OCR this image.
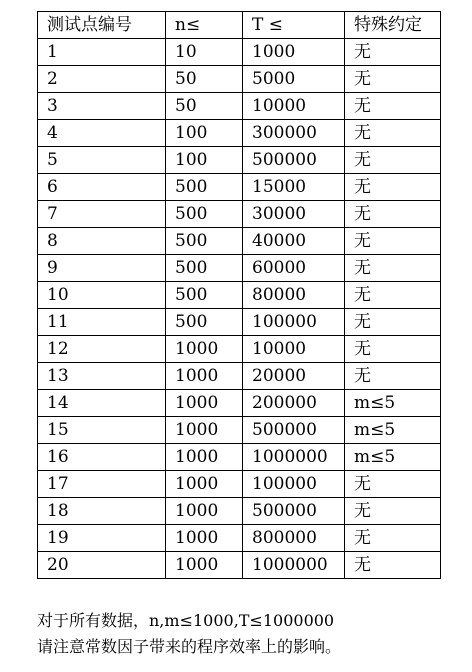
测试点编号	n≤	T ≤	特殊约定
1	10	1000	无
2	50	5000	无
3	50	10000	无
4	100	300000	无
5	100	500000	无
6	500	15000	无
7	500	30000	无
8	500	40000	无
9	500	60000	无
10	500	80000	无
11	500	100000	无
12	1000	10000	无
13	1000	20000	无
14	1000	200000	m≤5
15	1000	500000	m≤5
16	1000	1000000	m≤5
17	1000	100000	无
18	1000	500000	无
19	1000	800000	无
20	1000	1000000	无
对于所有数据，n,m≤1000,T≤1000000
请注意常数因子带来的程序效率上的影响。
